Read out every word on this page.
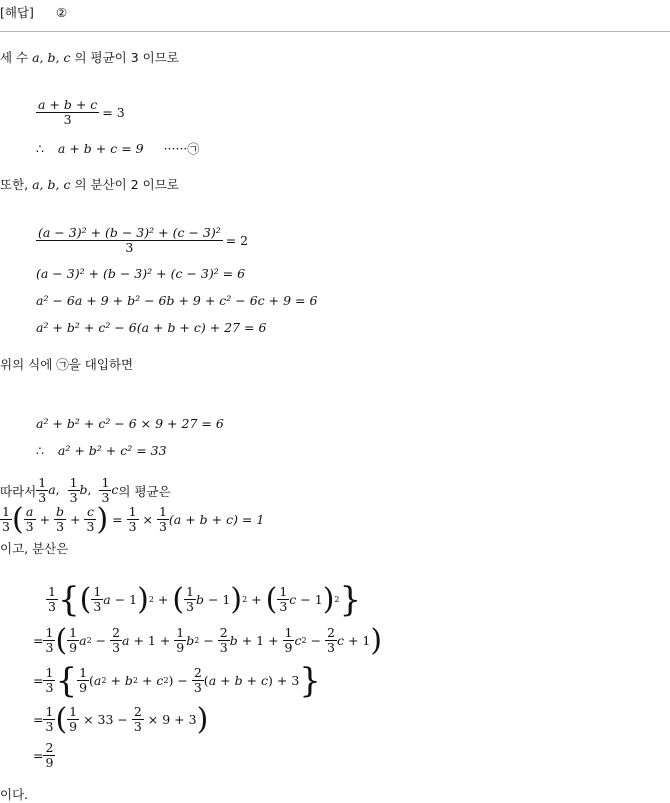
[해답] ②
세 수 a, b, c 의 평균이 3 이므로
$\frac{a + b + c}{3} = 3$
∴ a + b + c = 9 ······㉠
또한, a, b, c 의 분산이 2 이므로
$\frac{\text{(a − 3)² + (b − 3)² + (c − 3)²}}{3} = 2$
(a − 3)² + (b − 3)² + (c − 3)² = 6
a² − 6a + 9 + b² − 6b + 9 + c² − 6c + 9 = 6
a² + b² + c² − 6(a + b + c) + 27 = 6
위의 식에 ㉠을 대입하면
a² + b² + c² − 6 × 9 + 27 = 6
∴ a² + b² + c² = 33
따라서 $\frac{1}{3} a$, $\frac{1}{3} b$, $\frac{1}{3}$ c 의 평균은
$\frac{1}{3}$ ( $\frac{a}{3} + \frac{b}{3} + \frac{c}{3}$ ) = $\frac{1}{3} \times \frac{1}{3} (a + b + c) = 1$
이고, 분산은
$\frac{1}{3}$ { ( $\frac{1}{3}$ a − 1 ) 2 + ( $\frac{1}{3}$ b − 1 ) 2 + ( $\frac{1}{3}$ c − 1 ) 2 }
= $\frac{1}{3}$ ( $\frac{1}{9}$ a $2 - \frac{2}{3}$ $a + 1 + \frac{1}{9}$ b $2 - \frac{2}{3}$ $b + 1 + \frac{1}{9}$ c $2 - \frac{2}{3}$ c + 1 )
= $\frac{1}{3}$ { $\frac{1}{9}$ ( a 2 + b 2 + c 2 ) − $\frac{2}{3}$ ( a + b + c ) + 3 }
= $\frac{1}{3}$ ( $\frac{1}{9} \times 33 - \frac{2}{3} \times 9 + 3$ )
= $\frac{2}{9}$
이다.
